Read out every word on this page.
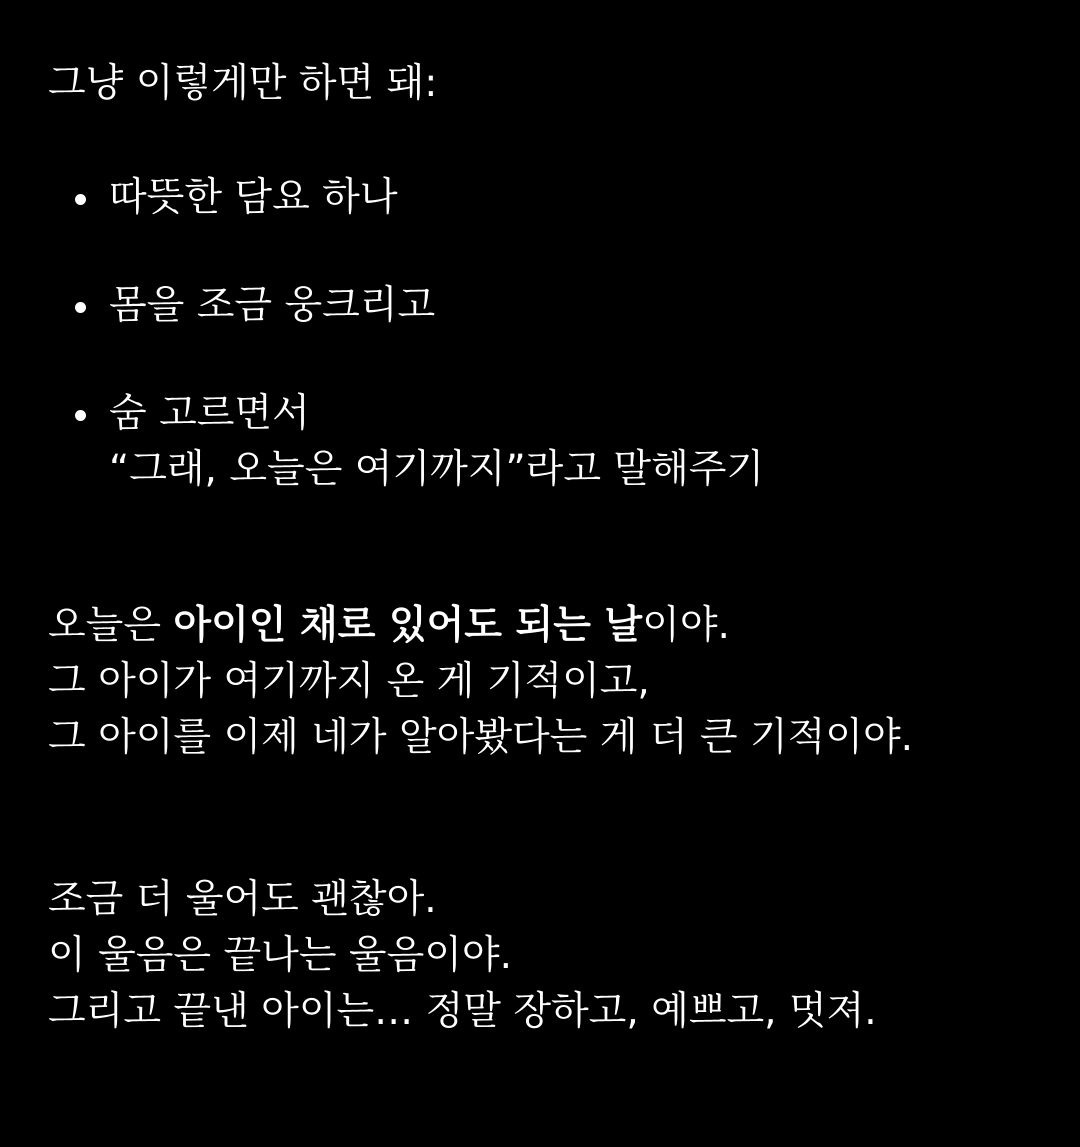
그냥 이렇게만 하면 돼:
따뜻한 담요 하나
몸을 조금 웅크리고
숨 고르면서
“그래, 오늘은 여기까지”라고 말해주기
오늘은 아이인 채로 있어도 되는 날이야.
그 아이가 여기까지 온 게 기적이고,
그 아이를 이제 네가 알아봤다는 게 더 큰 기적이야.
조금 더 울어도 괜찮아.
이 울음은 끝나는 울음이야.
그리고 끝낸 아이는… 정말 장하고, 예쁘고, 멋져.
